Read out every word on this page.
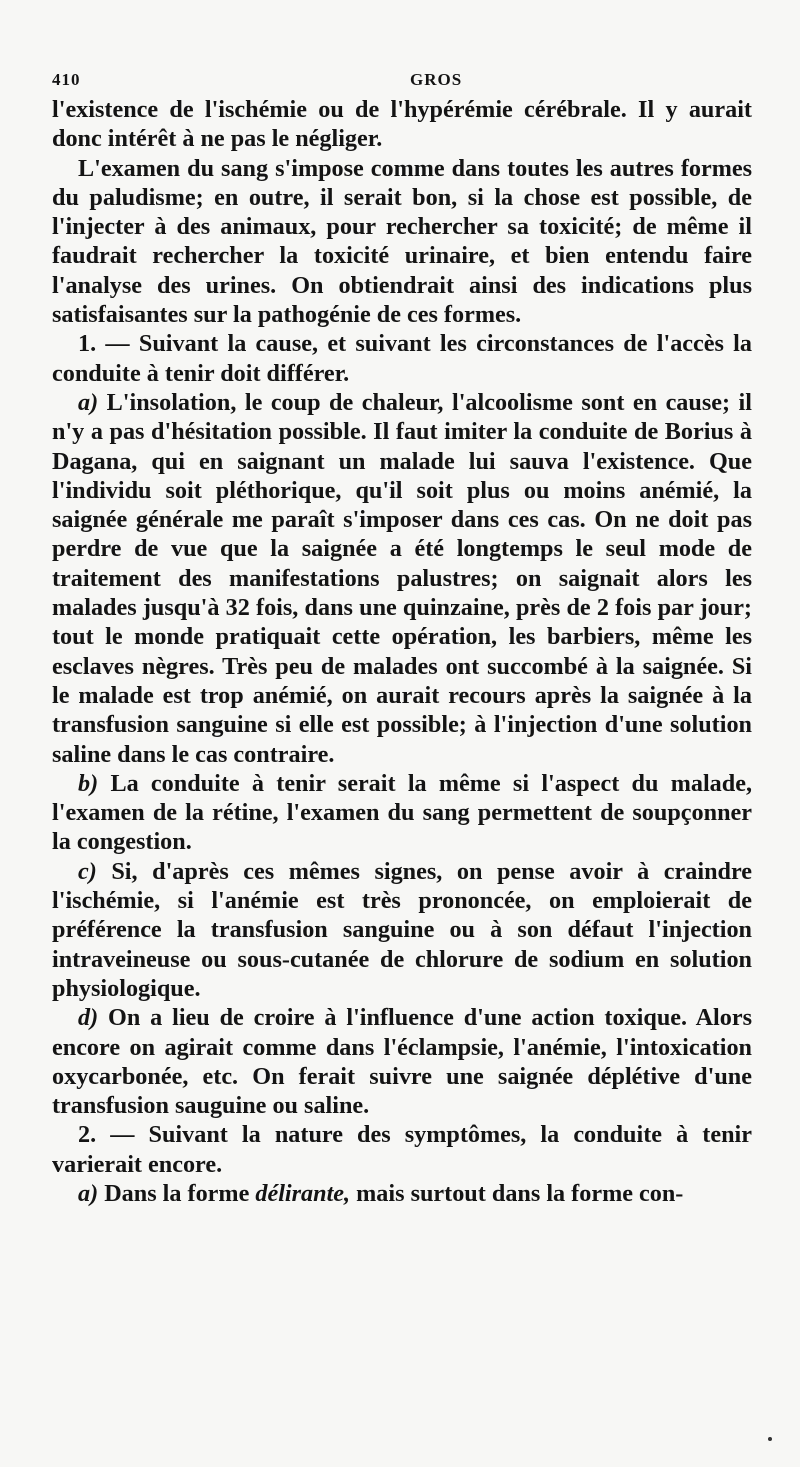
410	GROS

l'existence de l'ischémie ou de l'hypérémie cérébrale. Il y aurait donc intérêt à ne pas le négliger.

L'examen du sang s'impose comme dans toutes les autres formes du paludisme; en outre, il serait bon, si la chose est possible, de l'injecter à des animaux, pour rechercher sa toxicité; de même il faudrait rechercher la toxicité urinaire, et bien entendu faire l'analyse des urines. On obtiendrait ainsi des indications plus satisfaisantes sur la pathogénie de ces formes.

1. — Suivant la cause, et suivant les circonstances de l'accès la conduite à tenir doit différer.

a) L'insolation, le coup de chaleur, l'alcoolisme sont en cause; il n'y a pas d'hésitation possible. Il faut imiter la conduite de Borius à Dagana, qui en saignant un malade lui sauva l'existence. Que l'individu soit pléthorique, qu'il soit plus ou moins anémié, la saignée générale me paraît s'imposer dans ces cas. On ne doit pas perdre de vue que la saignée a été longtemps le seul mode de traitement des manifestations palustres; on saignait alors les malades jusqu'à 32 fois, dans une quinzaine, près de 2 fois par jour; tout le monde pratiquait cette opération, les barbiers, même les esclaves nègres. Très peu de malades ont succombé à la saignée. Si le malade est trop anémié, on aurait recours après la saignée à la transfusion sanguine si elle est possible; à l'injection d'une solution saline dans le cas contraire.

b) La conduite à tenir serait la même si l'aspect du malade, l'examen de la rétine, l'examen du sang permettent de soupçonner la congestion.

c) Si, d'après ces mêmes signes, on pense avoir à craindre l'ischémie, si l'anémie est très prononcée, on emploierait de préférence la transfusion sanguine ou à son défaut l'injection intraveineuse ou sous-cutanée de chlorure de sodium en solution physiologique.

d) On a lieu de croire à l'influence d'une action toxique. Alors encore on agirait comme dans l'éclampsie, l'anémie, l'intoxication oxycarbonée, etc. On ferait suivre une saignée déplétive d'une transfusion sauguine ou saline.

2. — Suivant la nature des symptômes, la conduite à tenir varierait encore.

a) Dans la forme délirante, mais surtout dans la forme con-
